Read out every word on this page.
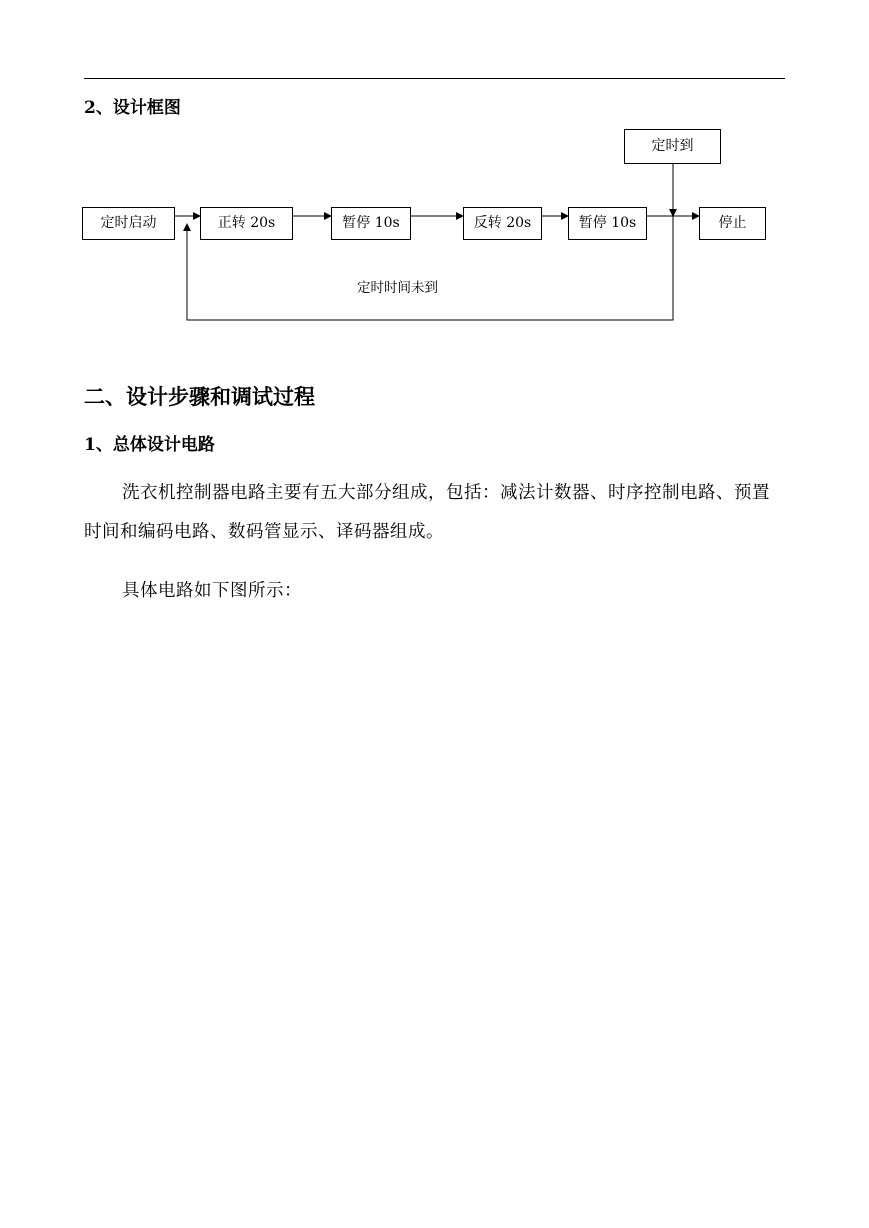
2、设计框图
定时启动	正转 20s	暂停 10s	反转 20s	暂停 10s	停止
定时到
定时时间未到
二、设计步骤和调试过程
1、总体设计电路

洗衣机控制器电路主要有五大部分组成，包括：减法计数器、时序控制电路、预置时间和编码电路、数码管显示、译码器组成。

具体电路如下图所示：
